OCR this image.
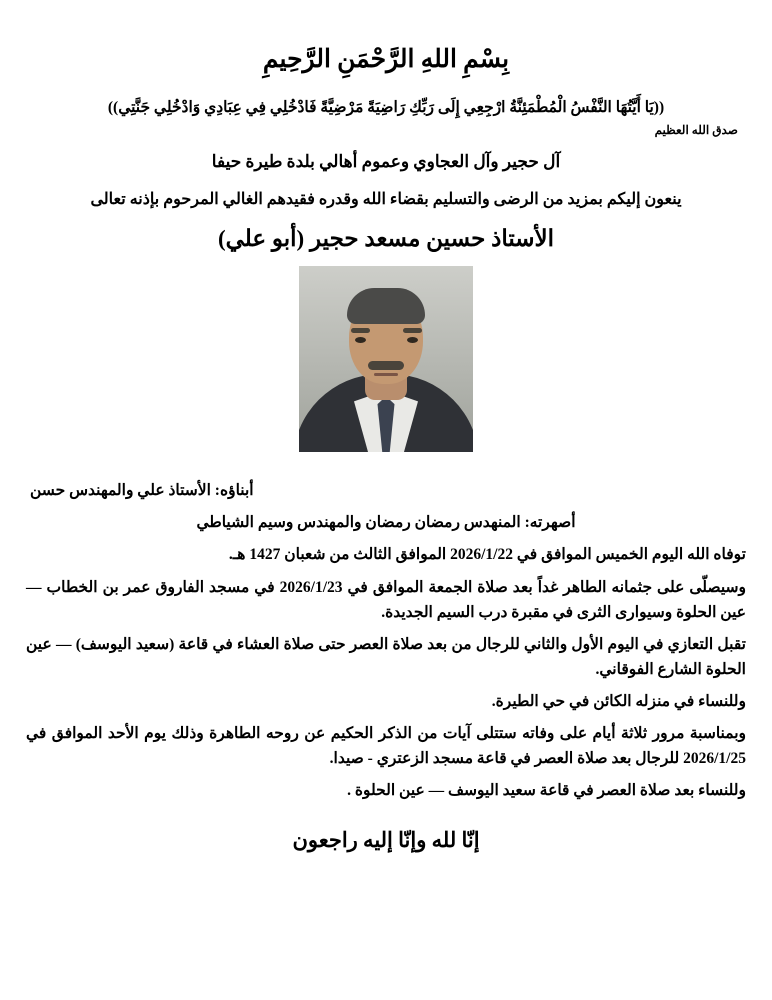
بِسْمِ اللهِ الرَّحْمَنِ الرَّحِيمِ
((يَا أَيَّتُهَا النَّفْسُ الْمُطْمَئِنَّةُ ارْجِعِي إِلَى رَبِّكِ رَاضِيَةً مَرْضِيَّةً فَادْخُلِي فِي عِبَادِي وَادْخُلِي جَنَّتِي))
صدق الله العظيم
آل حجير وآل العجاوي وعموم أهالي بلدة طيرة حيفا
ينعون إليكم بمزيد من الرضى والتسليم بقضاء الله وقدره فقيدهم الغالي المرحوم بإذنه تعالى
الأستاذ حسين مسعد حجير (أبو علي)

أبناؤه: الأستاذ علي والمهندس حسن

أصهرته: المنهدس رمضان رمضان والمهندس وسيم الشياطي

توفاه الله اليوم الخميس الموافق في 2026/1/22 الموافق الثالث من شعبان 1427 هـ.

وسيصلّى على جثمانه الطاهر غداً بعد صلاة الجمعة الموافق في 2026/1/23 في مسجد الفاروق عمر بن الخطاب — عين الحلوة وسيوارى الثرى في مقبرة درب السيم الجديدة.

تقبل التعازي في اليوم الأول والثاني للرجال من بعد صلاة العصر حتى صلاة العشاء في قاعة (سعيد اليوسف) — عين الحلوة الشارع الفوقاني.

وللنساء في منزله الكائن في حي الطيرة.

وبمناسبة مرور ثلاثة أيام على وفاته ستتلى آيات من الذكر الحكيم عن روحه الطاهرة وذلك يوم الأحد الموافق في 2026/1/25 للرجال بعد صلاة العصر في قاعة مسجد الزعتري - صيدا.

وللنساء بعد صلاة العصر في قاعة سعيد اليوسف — عين الحلوة .

إنّا لله وإنّا إليه راجعون
